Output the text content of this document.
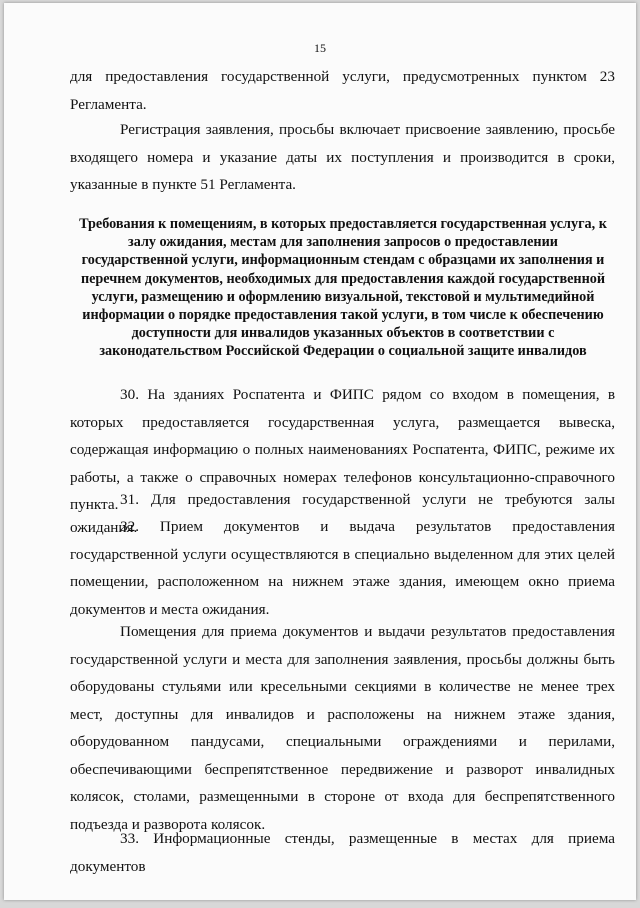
15

для предоставления государственной услуги, предусмотренных пунктом 23 Регламента.

Регистрация заявления, просьбы включает присвоение заявлению, просьбе входящего номера и указание даты их поступления и производится в сроки, указанные в пункте 51 Регламента.

Требования к помещениям, в которых предоставляется государственная услуга, к залу ожидания, местам для заполнения запросов о предоставлении государственной услуги, информационным стендам с образцами их заполнения и перечнем документов, необходимых для предоставления каждой государственной услуги, размещению и оформлению визуальной, текстовой и мультимедийной информации о порядке предоставления такой услуги, в том числе к обеспечению доступности для инвалидов указанных объектов в соответствии с законодательством Российской Федерации о социальной защите инвалидов

30. На зданиях Роспатента и ФИПС рядом со входом в помещения, в которых предоставляется государственная услуга, размещается вывеска, содержащая информацию о полных наименованиях Роспатента, ФИПС, режиме их работы, а также о справочных номерах телефонов консультационно-справочного пункта. 31. Для предоставления государственной услуги не требуются залы ожидания.

32. Прием документов и выдача результатов предоставления государственной услуги осуществляются в специально выделенном для этих целей помещении, расположенном на нижнем этаже здания, имеющем окно приема документов и места ожидания.

Помещения для приема документов и выдачи результатов предоставления государственной услуги и места для заполнения заявления, просьбы должны быть оборудованы стульями или кресельными секциями в количестве не менее трех мест, доступны для инвалидов и расположены на нижнем этаже здания, оборудованном пандусами, специальными ограждениями и перилами, обеспечивающими беспрепятственное передвижение и разворот инвалидных колясок, столами, размещенными в стороне от входа для беспрепятственного подъезда и разворота колясок.

33. Информационные стенды, размещенные в местах для приема документов
